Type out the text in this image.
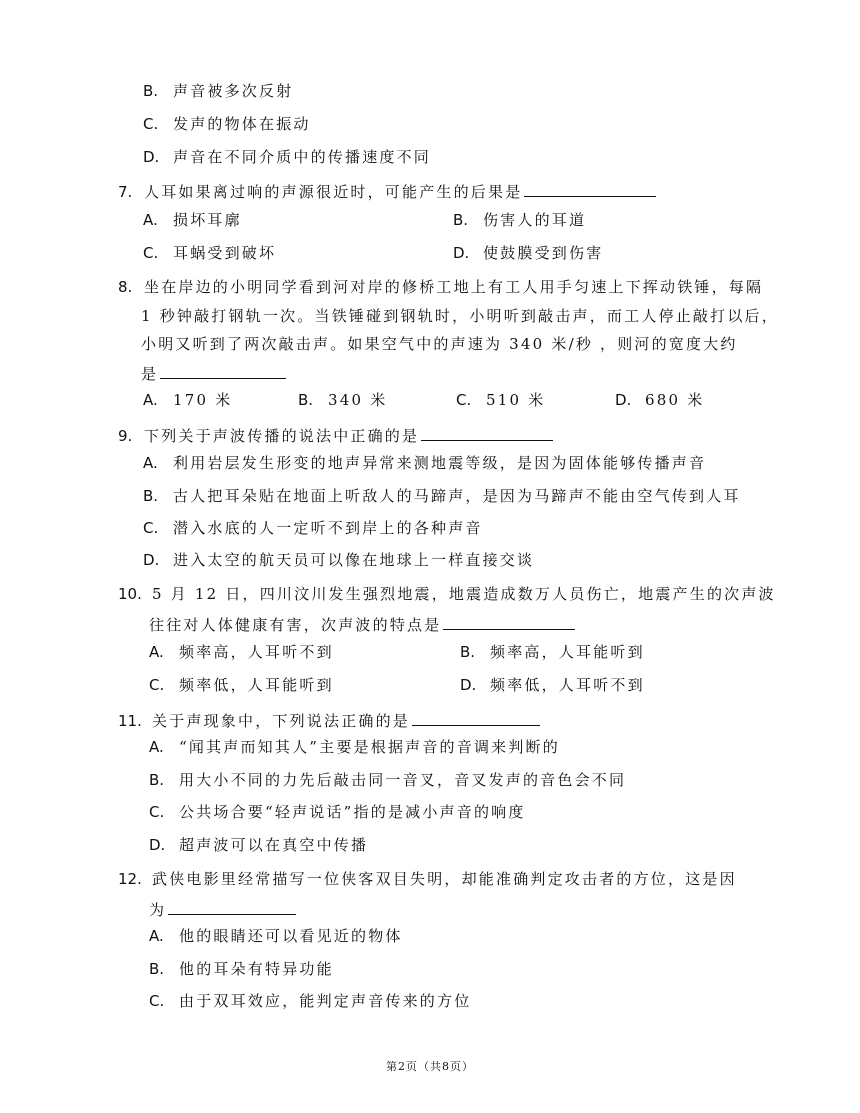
B. 声音被多次反射
C. 发声的物体在振动
D. 声音在不同介质中的传播速度不同
7. 人耳如果离过响的声源很近时，可能产生的后果是
A. 损坏耳廓	B. 伤害人的耳道
C. 耳蜗受到破坏	D. 使鼓膜受到伤害
8. 坐在岸边的小明同学看到河对岸的修桥工地上有工人用手匀速上下挥动铁锤，每隔
1 秒钟敲打钢轨一次。当铁锤碰到钢轨时，小明听到敲击声，而工人停止敲打以后，
小明又听到了两次敲击声。如果空气中的声速为 340 米/秒 ，则河的宽度大约
是
A. 170 米	B. 340 米	C. 510 米	D. 680 米
9. 下列关于声波传播的说法中正确的是
A. 利用岩层发生形变的地声异常来测地震等级，是因为固体能够传播声音
B. 古人把耳朵贴在地面上听敌人的马蹄声，是因为马蹄声不能由空气传到人耳
C. 潜入水底的人一定听不到岸上的各种声音
D. 进入太空的航天员可以像在地球上一样直接交谈
10. 5 月 12 日，四川汶川发生强烈地震，地震造成数万人员伤亡，地震产生的次声波
往往对人体健康有害，次声波的特点是
A. 频率高，人耳听不到	B. 频率高，人耳能听到
C. 频率低，人耳能听到	D. 频率低，人耳听不到
11. 关于声现象中，下列说法正确的是
A. “闻其声而知其人”主要是根据声音的音调来判断的
B. 用大小不同的力先后敲击同一音叉，音叉发声的音色会不同
C. 公共场合要“轻声说话”指的是减小声音的响度
D. 超声波可以在真空中传播
12. 武侠电影里经常描写一位侠客双目失明，却能准确判定攻击者的方位，这是因
为
A. 他的眼睛还可以看见近的物体
B. 他的耳朵有特异功能
C. 由于双耳效应，能判定声音传来的方位
第2页（共8页）
